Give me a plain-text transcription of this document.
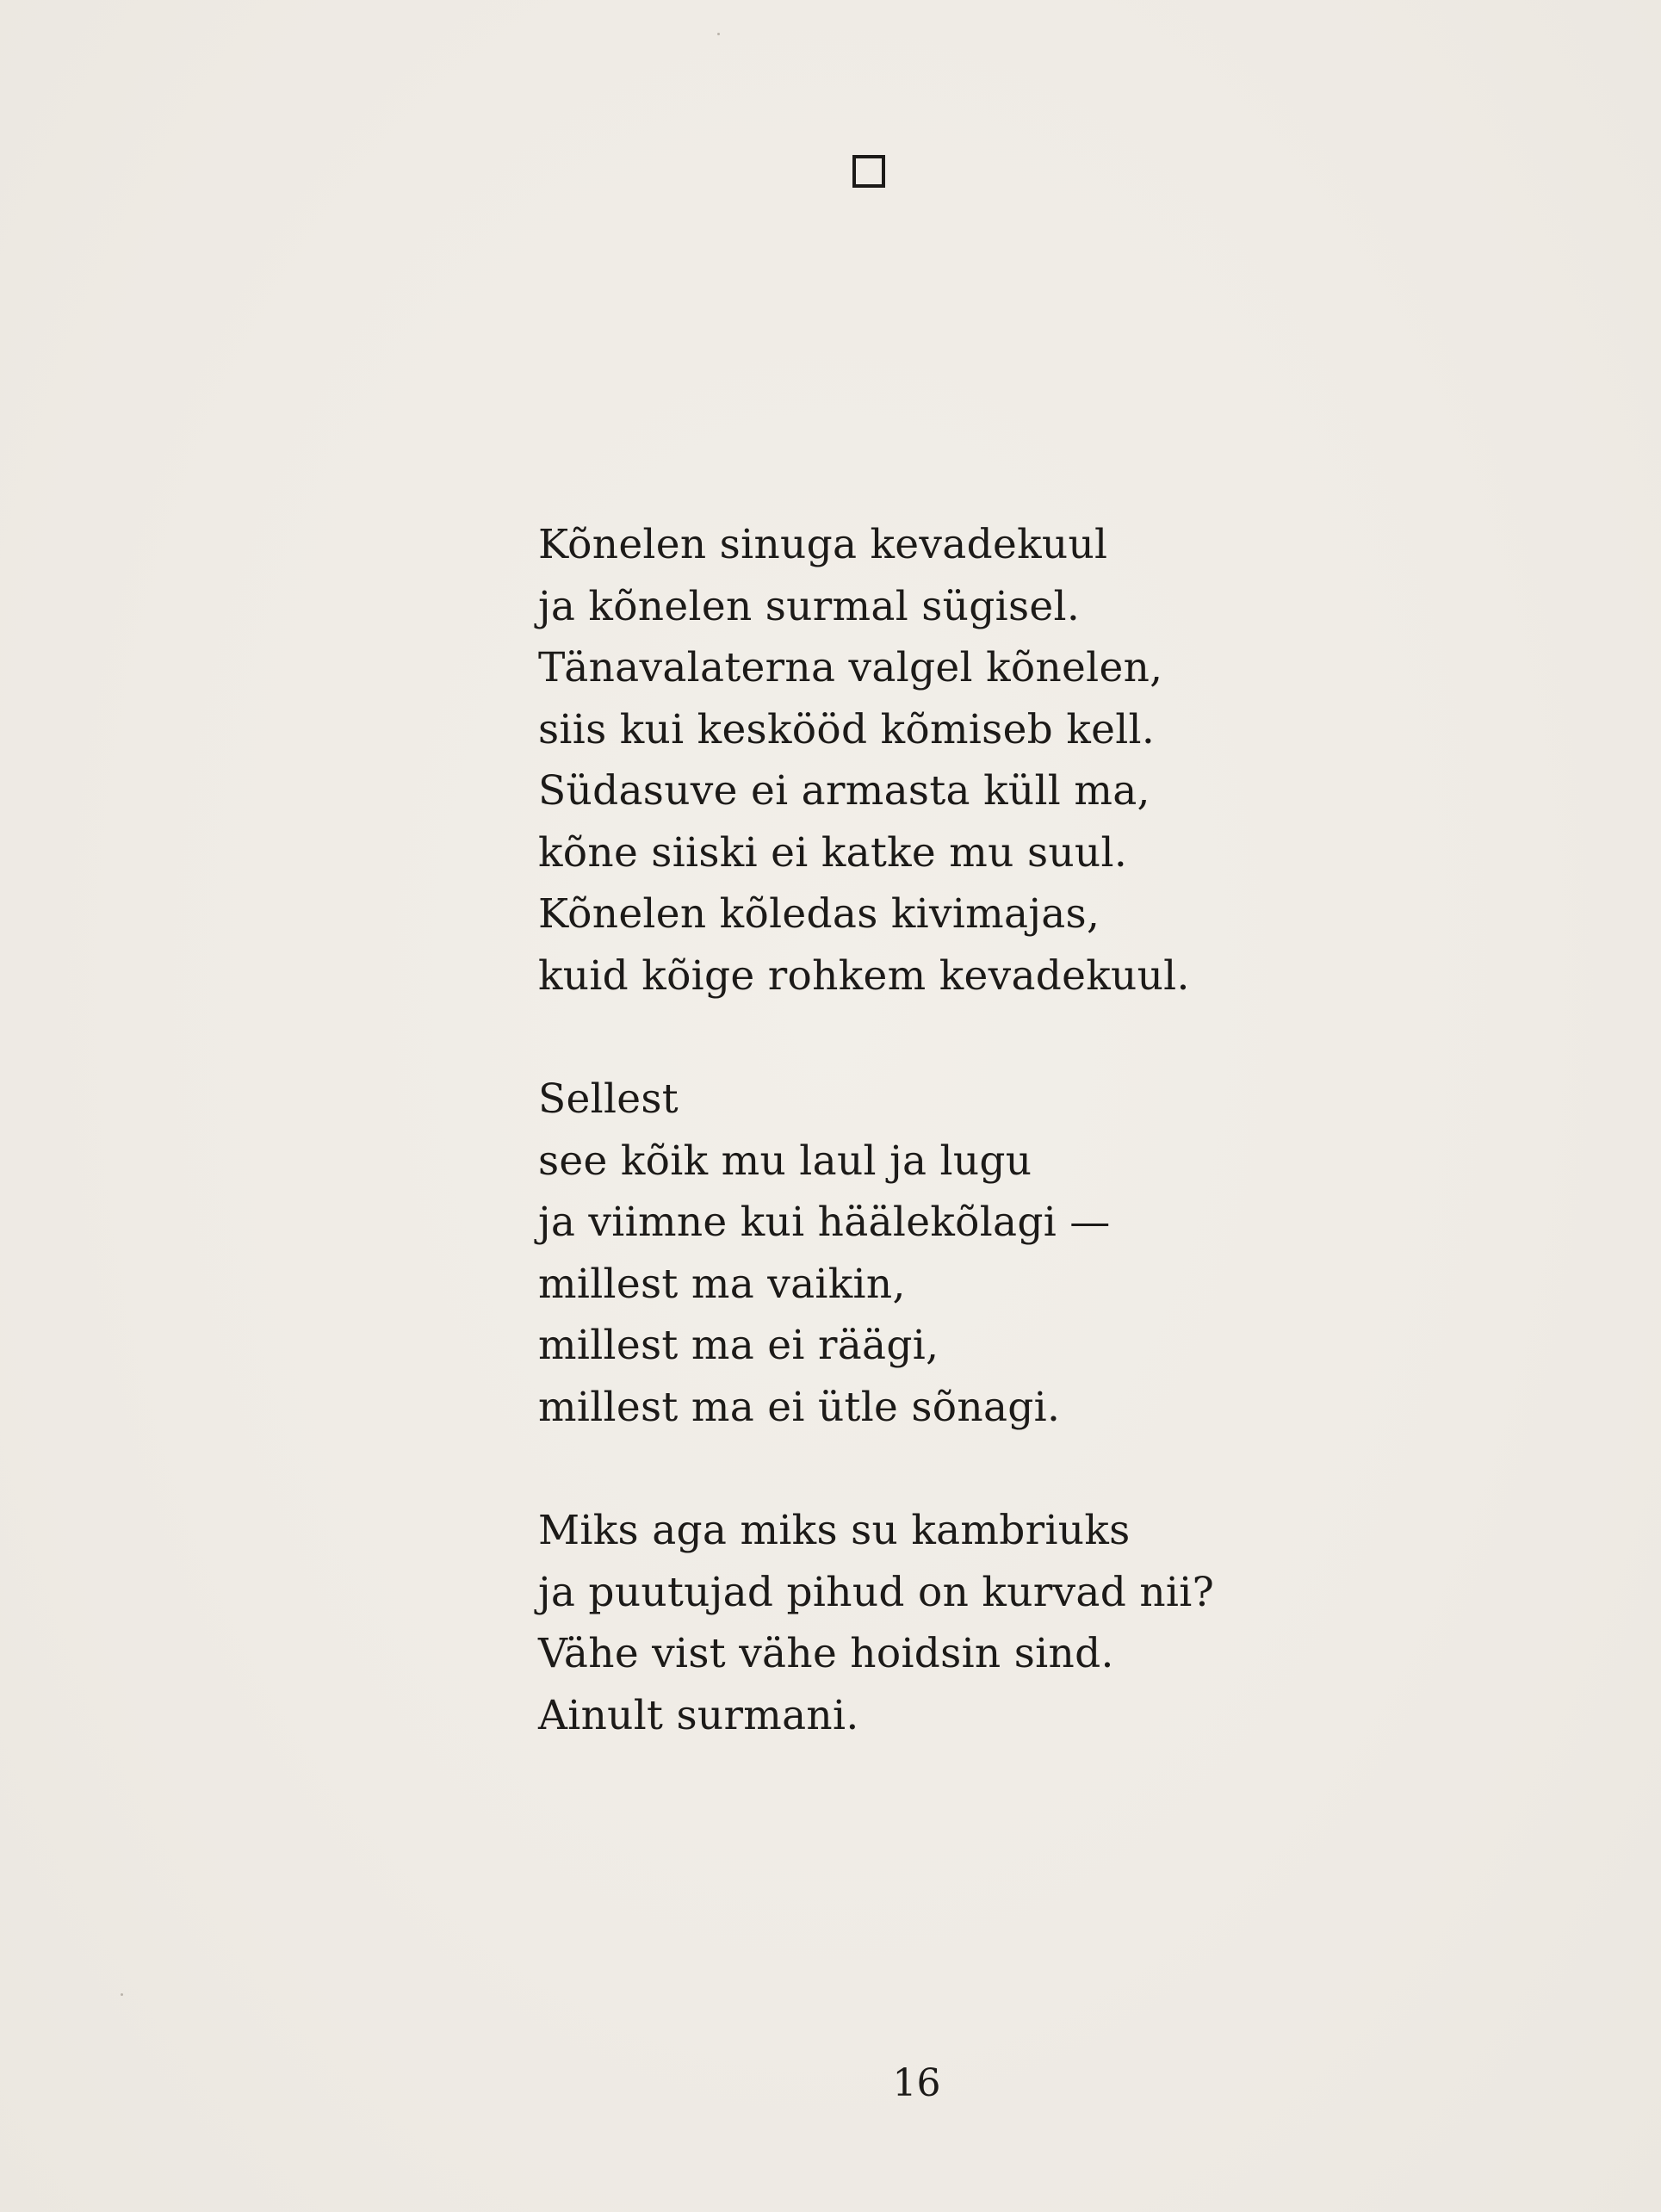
Kõnelen sinuga kevadekuul
ja kõnelen surmal sügisel.
Tänavalaterna valgel kõnelen,
siis kui keskööd kõmiseb kell.
Südasuve ei armasta küll ma,
kõne siiski ei katke mu suul.
Kõnelen kõledas kivimajas,
kuid kõige rohkem kevadekuul.
Sellest
see kõik mu laul ja lugu
ja viimne kui häälekõlagi —
millest ma vaikin,
millest ma ei räägi,
millest ma ei ütle sõnagi.
Miks aga miks su kambriuks
ja puutujad pihud on kurvad nii?
Vähe vist vähe hoidsin sind.
Ainult surmani.
16
